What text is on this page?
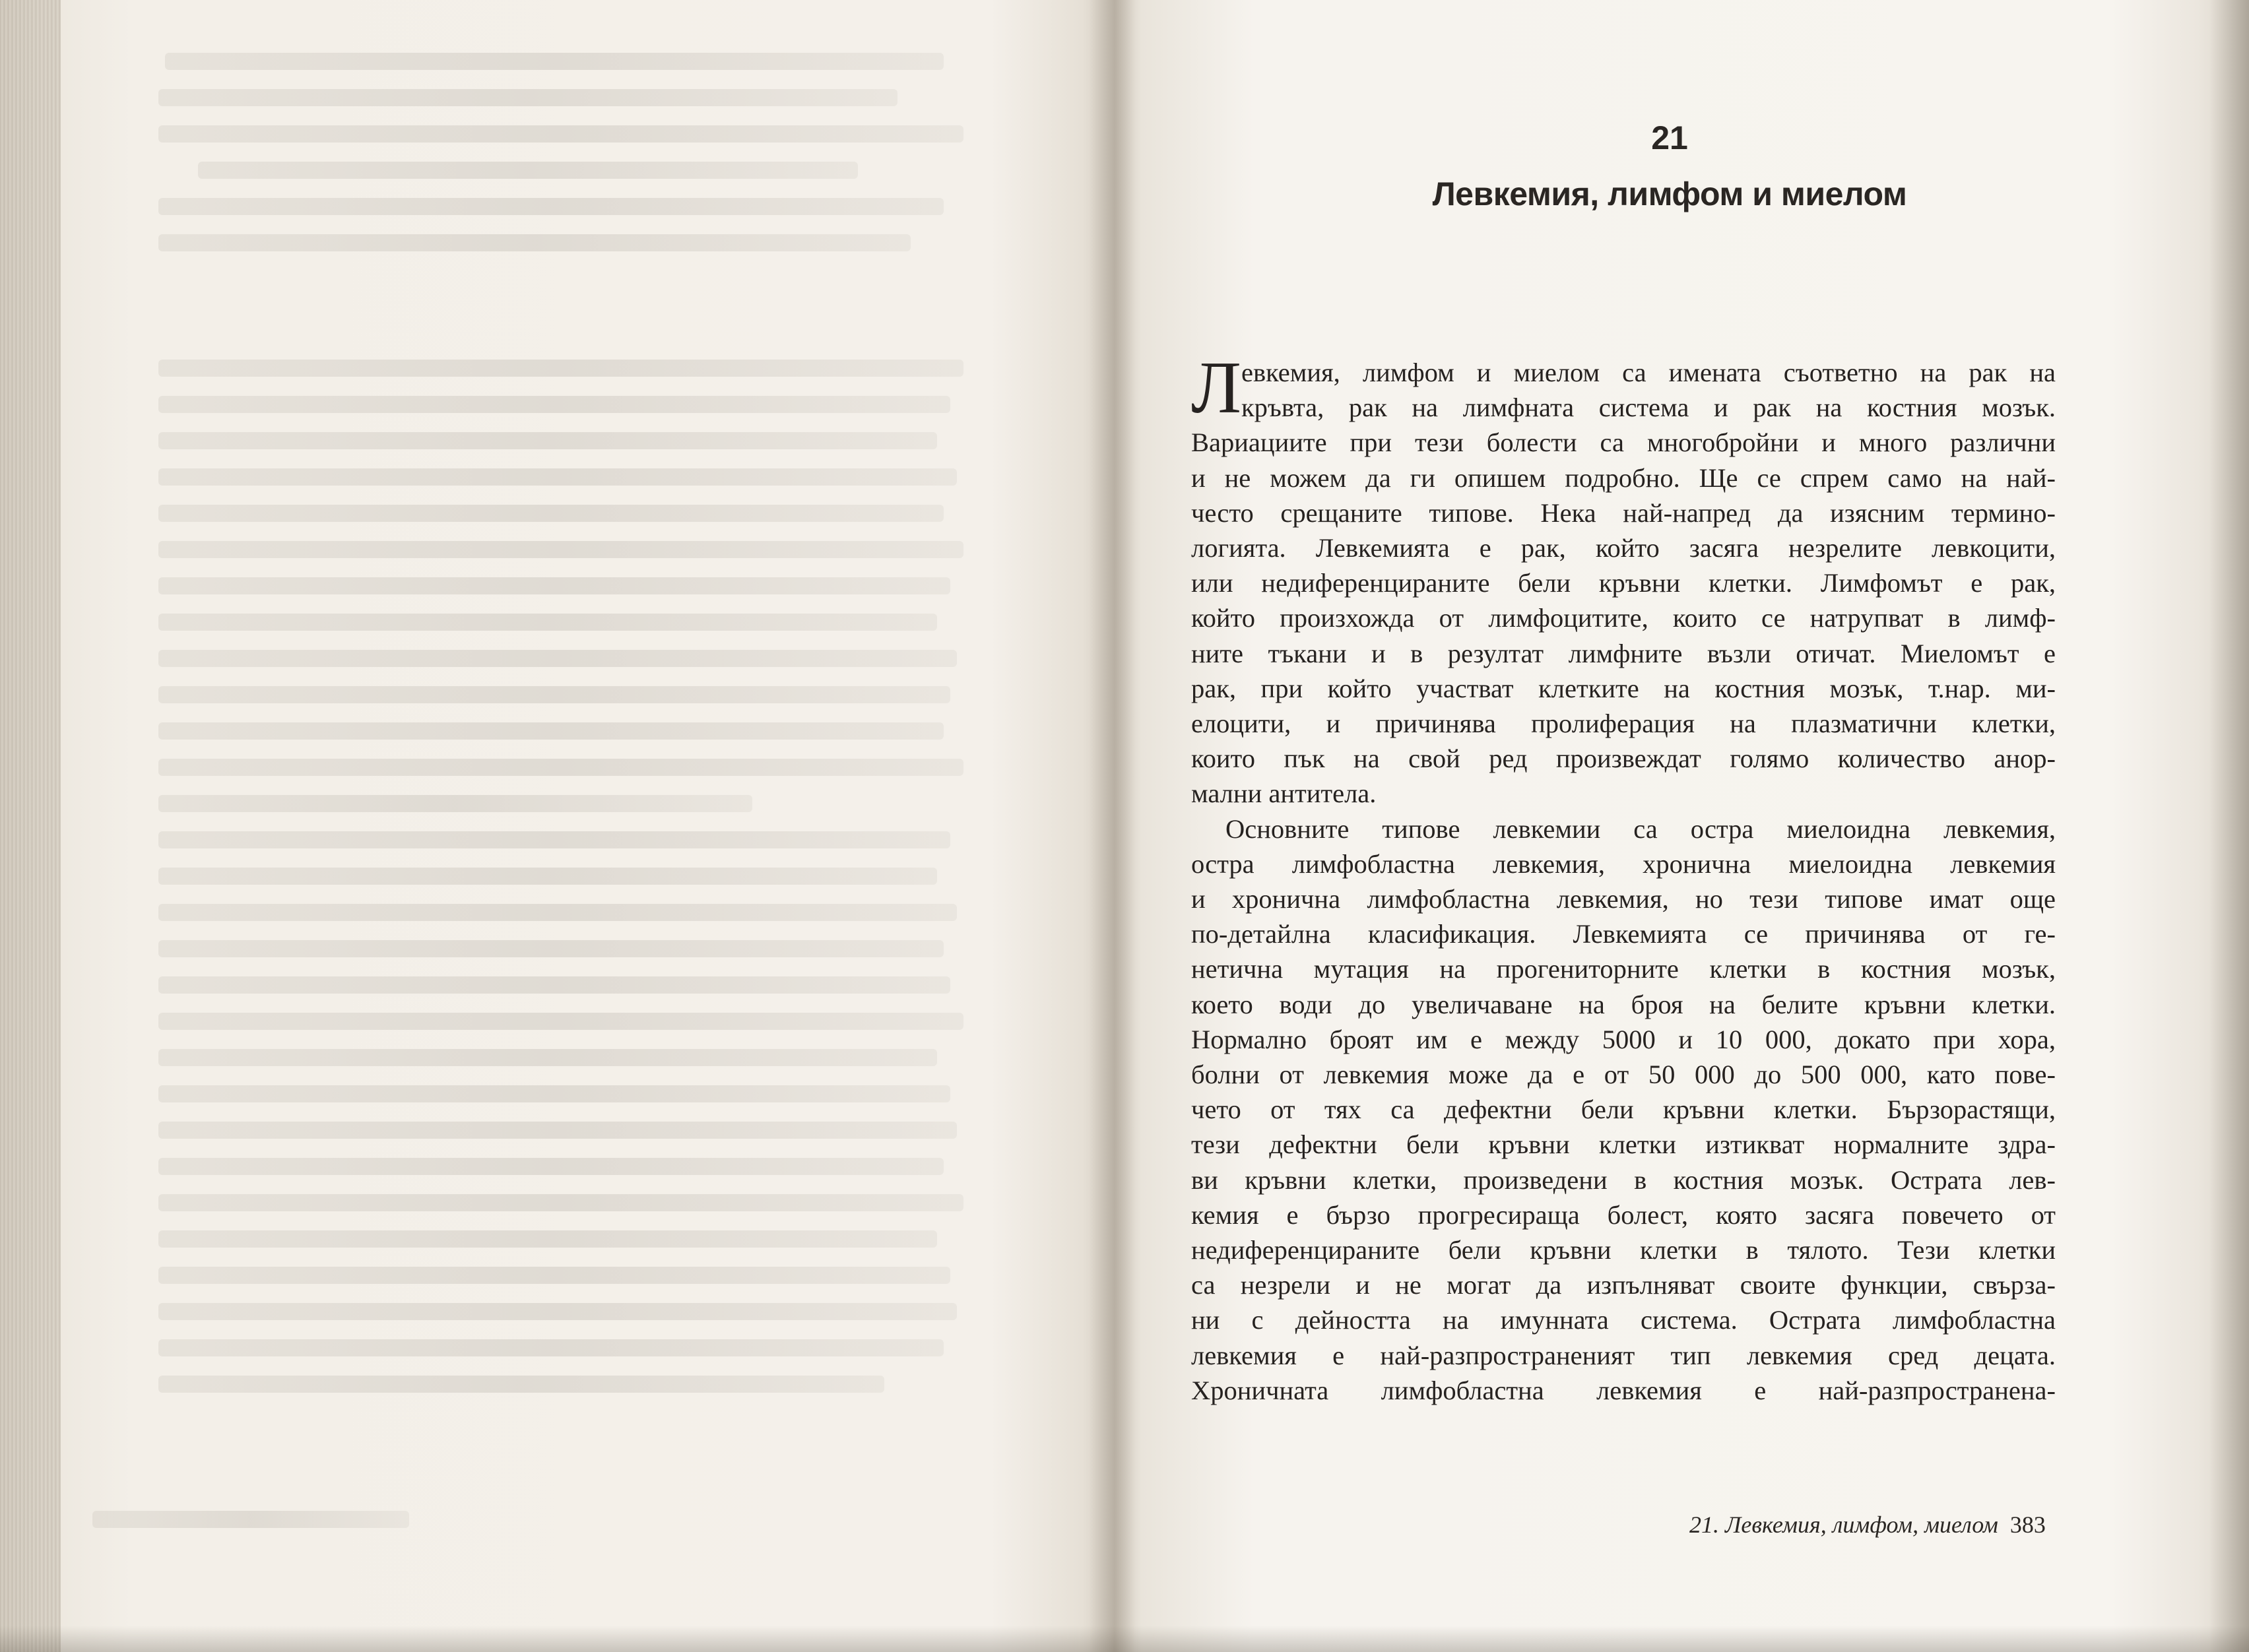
21
Левкемия, лимфом и миелом
Л евкемия, лимфом и миелом са имената съответно на рак на
кръвта, рак на лимфната система и рак на костния мозък.
Вариациите при тези болести са многобройни и много различни
и не можем да ги опишем подробно. Ще се спрем само на най-
често срещаните типове. Нека най-напред да изясним термино-
логията. Левкемията е рак, който засяга незрелите левкоцити,
или недиференцираните бели кръвни клетки. Лимфомът е рак,
който произхожда от лимфоцитите, които се натрупват в лимф-
ните тъкани и в резултат лимфните възли отичат. Миеломът е
рак, при който участват клетките на костния мозък, т.нар. ми-
елоцити, и причинява пролиферация на плазматични клетки,
които пък на свой ред произвеждат голямо количество анор-
мални антитела.
Основните типове левкемии са остра миелоидна левкемия,
остра лимфобластна левкемия, хронична миелоидна левкемия
и хронична лимфобластна левкемия, но тези типове имат още
по-детайлна класификация. Левкемията се причинява от ге-
нетична мутация на прогениторните клетки в костния мозък,
което води до увеличаване на броя на белите кръвни клетки.
Нормално броят им е между 5000 и 10 000, докато при хора,
болни от левкемия може да е от 50 000 до 500 000, като пове-
чето от тях са дефектни бели кръвни клетки. Бързорастящи,
тези дефектни бели кръвни клетки изтикват нормалните здра-
ви кръвни клетки, произведени в костния мозък. Острата лев-
кемия е бързо прогресираща болест, която засяга повечето от
недиференцираните бели кръвни клетки в тялото. Тези клетки
са незрели и не могат да изпълняват своите функции, свърза-
ни с дейността на имунната система. Острата лимфобластна
левкемия е най-разпространеният тип левкемия сред децата.
Хроничната лимфобластна левкемия е най-разпространена-
21. Левкемия, лимфом, миелом 383
